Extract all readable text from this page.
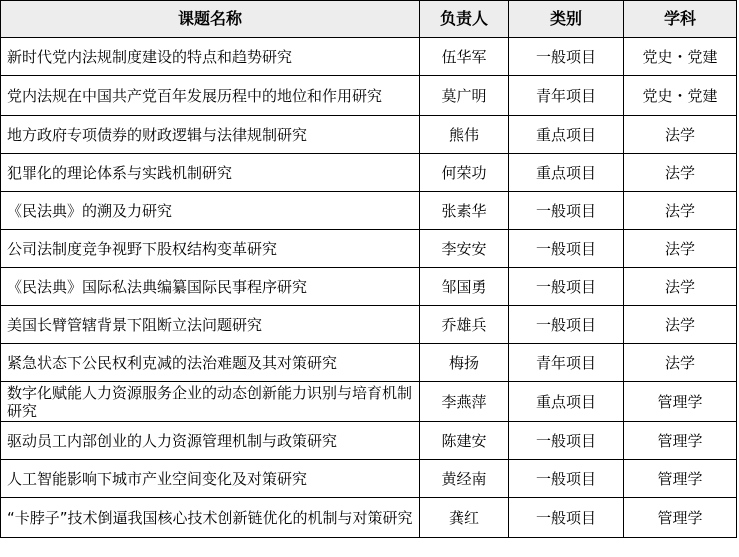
课题名称	负责人	类别	学科
新时代党内法规制度建设的特点和趋势研究	伍华军	一般项目	党史・党建
党内法规在中国共产党百年发展历程中的地位和作用研究	莫广明	青年项目	党史・党建
地方政府专项债券的财政逻辑与法律规制研究	熊伟	重点项目	法学
犯罪化的理论体系与实践机制研究	何荣功	重点项目	法学
《民法典》的溯及力研究	张素华	一般项目	法学
公司法制度竞争视野下股权结构变革研究	李安安	一般项目	法学
《民法典》国际私法典编纂国际民事程序研究	邹国勇	一般项目	法学
美国长臂管辖背景下阻断立法问题研究	乔雄兵	一般项目	法学
紧急状态下公民权利克减的法治难题及其对策研究	梅扬	青年项目	法学
数字化赋能人力资源服务企业的动态创新能力识别与培育机制研究	李燕萍	重点项目	管理学
驱动员工内部创业的人力资源管理机制与政策研究	陈建安	一般项目	管理学
人工智能影响下城市产业空间变化及对策研究	黄经南	一般项目	管理学
“卡脖子”技术倒逼我国核心技术创新链优化的机制与对策研究	龚红	一般项目	管理学
